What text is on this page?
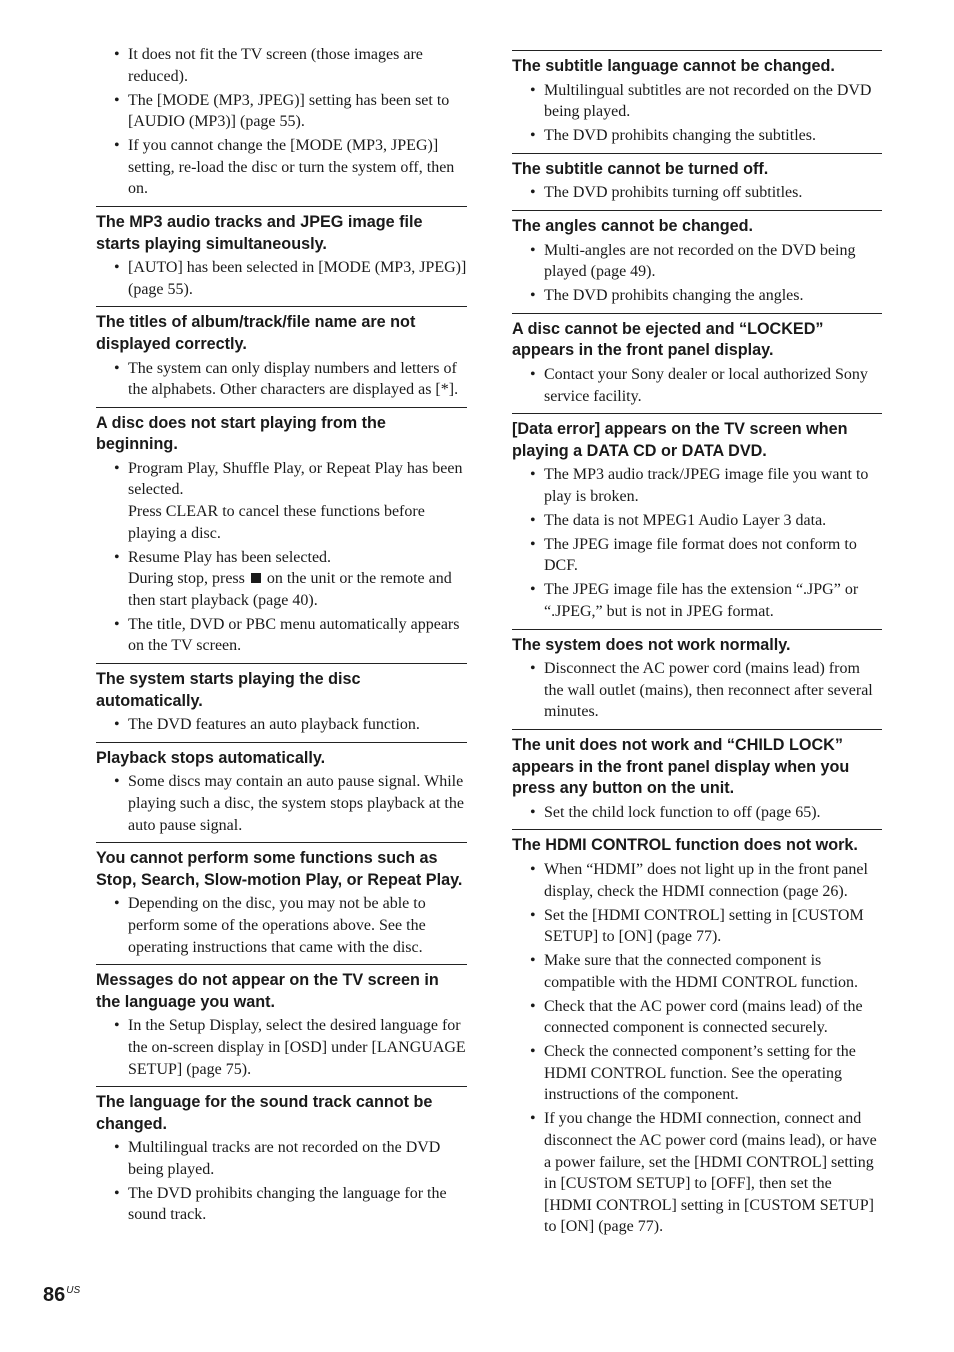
• It does not fit the TV screen (those images are reduced).
• The [MODE (MP3, JPEG)] setting has been set to [AUDIO (MP3)] (page 55).
• If you cannot change the [MODE (MP3, JPEG)] setting, re-load the disc or turn the system off, then on.

The MP3 audio tracks and JPEG image file starts playing simultaneously.

• [AUTO] has been selected in [MODE (MP3, JPEG)] (page 55).

The titles of album/track/file name are not displayed correctly.

• The system can only display numbers and letters of the alphabets. Other characters are displayed as [*].

A disc does not start playing from the beginning.

• Program Play, Shuffle Play, or Repeat Play has been selected.
Press CLEAR to cancel these functions before playing a disc.
• Resume Play has been selected.
During stop, press on the unit or the remote and then start playback (page 40).
• The title, DVD or PBC menu automatically appears on the TV screen.

The system starts playing the disc automatically.

• The DVD features an auto playback function.

Playback stops automatically.

• Some discs may contain an auto pause signal. While playing such a disc, the system stops playback at the auto pause signal.

You cannot perform some functions such as Stop, Search, Slow-motion Play, or Repeat Play.

• Depending on the disc, you may not be able to perform some of the operations above. See the operating instructions that came with the disc.

Messages do not appear on the TV screen in the language you want.

• In the Setup Display, select the desired language for the on-screen display in [OSD] under [LANGUAGE SETUP] (page 75).

The language for the sound track cannot be changed.

• Multilingual tracks are not recorded on the DVD being played.
• The DVD prohibits changing the language for the sound track.

The subtitle language cannot be changed.

• Multilingual subtitles are not recorded on the DVD being played.
• The DVD prohibits changing the subtitles.

The subtitle cannot be turned off.

• The DVD prohibits turning off subtitles.

The angles cannot be changed.

• Multi-angles are not recorded on the DVD being played (page 49).
• The DVD prohibits changing the angles.

A disc cannot be ejected and “LOCKED” appears in the front panel display.

• Contact your Sony dealer or local authorized Sony service facility.

[Data error] appears on the TV screen when playing a DATA CD or DATA DVD.

• The MP3 audio track/JPEG image file you want to play is broken.
• The data is not MPEG1 Audio Layer 3 data.
• The JPEG image file format does not conform to DCF.
• The JPEG image file has the extension “.JPG” or “.JPEG,” but is not in JPEG format.

The system does not work normally.

• Disconnect the AC power cord (mains lead) from the wall outlet (mains), then reconnect after several minutes.

The unit does not work and “CHILD LOCK” appears in the front panel display when you press any button on the unit.

• Set the child lock function to off (page 65).

The HDMI CONTROL function does not work.

• When “HDMI” does not light up in the front panel display, check the HDMI connection (page 26).
• Set the [HDMI CONTROL] setting in [CUSTOM SETUP] to [ON] (page 77).
• Make sure that the connected component is compatible with the HDMI CONTROL function.
• Check that the AC power cord (mains lead) of the connected component is connected securely.
• Check the connected component’s setting for the HDMI CONTROL function. See the operating instructions of the component.
• If you change the HDMI connection, connect and disconnect the AC power cord (mains lead), or have a power failure, set the [HDMI CONTROL] setting in [CUSTOM SETUP] to [OFF], then set the [HDMI CONTROL] setting in [CUSTOM SETUP] to [ON] (page 77).
$86^{US}$
